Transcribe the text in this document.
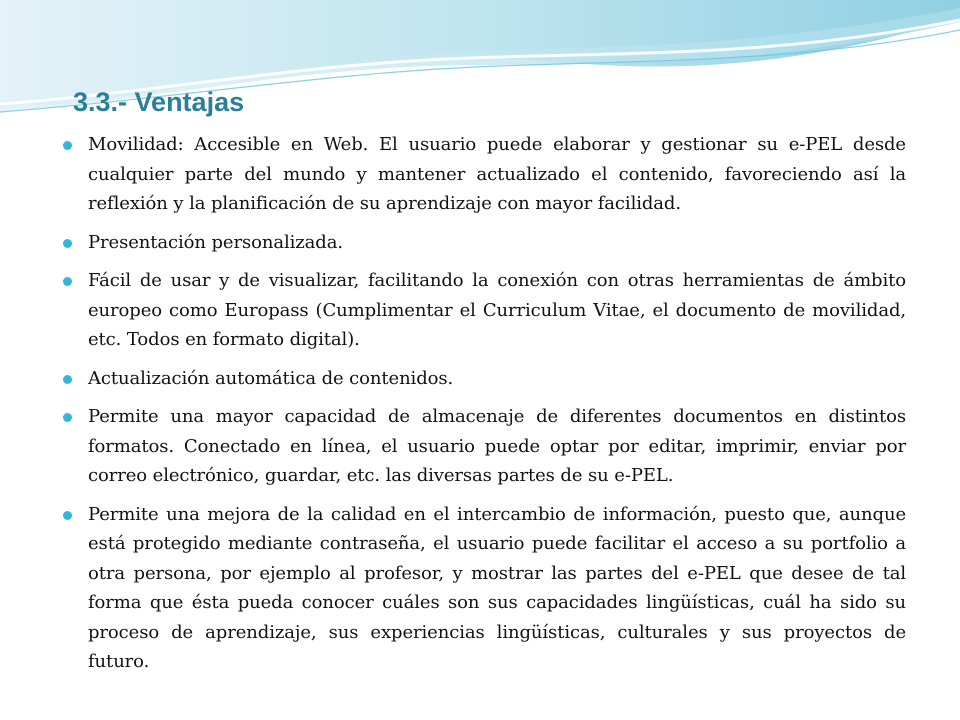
3.3.- Ventajas
Movilidad: Accesible en Web. El usuario puede elaborar y gestionar su e-PEL desde cualquier parte del mundo y mantener actualizado el contenido, favoreciendo así la reflexión y la planificación de su aprendizaje con mayor facilidad.
Presentación personalizada.
Fácil de usar y de visualizar, facilitando la conexión con otras herramientas de ámbito europeo como Europass (Cumplimentar el Curriculum Vitae, el documento de movilidad, etc. Todos en formato digital).
Actualización automática de contenidos.
Permite una mayor capacidad de almacenaje de diferentes documentos en distintos formatos. Conectado en línea, el usuario puede optar por editar, imprimir, enviar por correo electrónico, guardar, etc. las diversas partes de su e-PEL.
Permite una mejora de la calidad en el intercambio de información, puesto que, aunque está protegido mediante contraseña, el usuario puede facilitar el acceso a su portfolio a otra persona, por ejemplo al profesor, y mostrar las partes del e-PEL que desee de tal forma que ésta pueda conocer cuáles son sus capacidades lingüísticas, cuál ha sido su proceso de aprendizaje, sus experiencias lingüísticas, culturales y sus proyectos de futuro.
